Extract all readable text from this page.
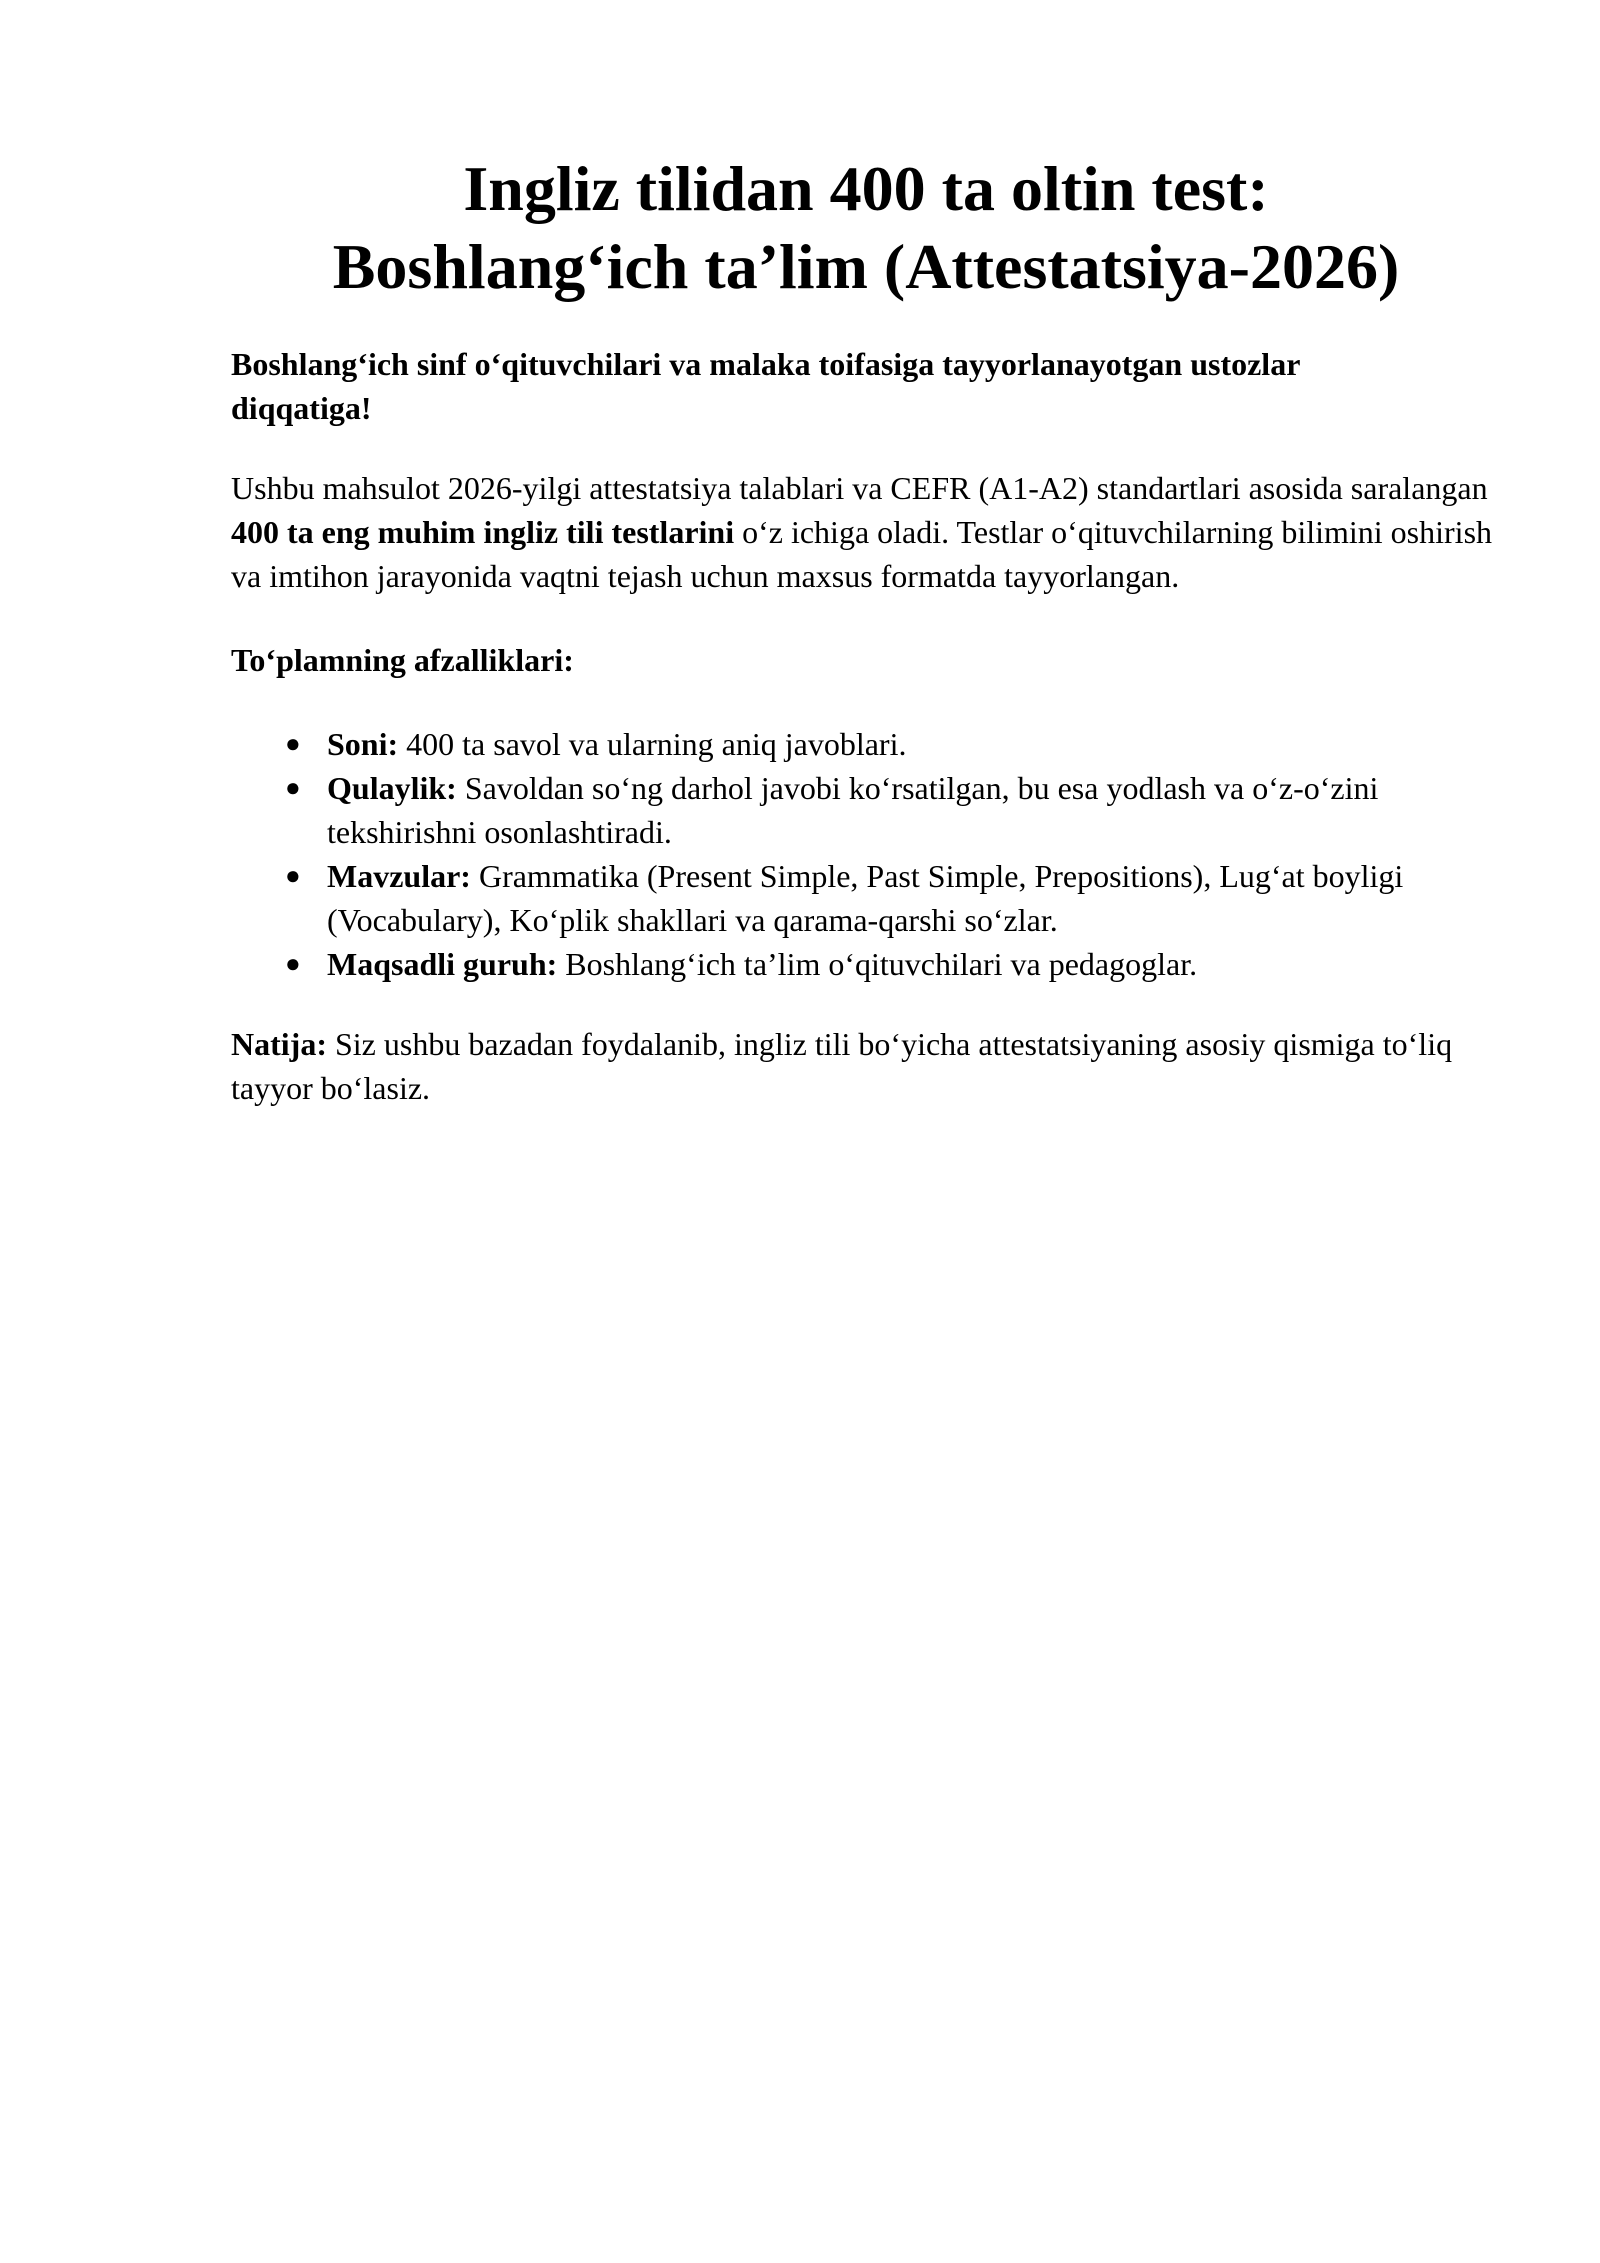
Ingliz tilidan 400 ta oltin test:
Boshlang‘ich ta’lim (Attestatsiya-2026)

Boshlang‘ich sinf o‘qituvchilari va malaka toifasiga tayyorlanayotgan ustozlar diqqatiga!

Ushbu mahsulot 2026-yilgi attestatsiya talablari va CEFR (A1-A2) standartlari asosida saralangan 400 ta eng muhim ingliz tili testlarini o‘z ichiga oladi. Testlar o‘qituvchilarning bilimini oshirish va imtihon jarayonida vaqtni tejash uchun maxsus formatda tayyorlangan.

To‘plamning afzalliklari:

● Soni: 400 ta savol va ularning aniq javoblari.
● Qulaylik: Savoldan so‘ng darhol javobi ko‘rsatilgan, bu esa yodlash va o‘z-o‘zini tekshirishni osonlashtiradi.
● Mavzular: Grammatika (Present Simple, Past Simple, Prepositions), Lug‘at boyligi (Vocabulary), Ko‘plik shakllari va qarama-qarshi so‘zlar.
● Maqsadli guruh: Boshlang‘ich ta’lim o‘qituvchilari va pedagoglar.

Natija: Siz ushbu bazadan foydalanib, ingliz tili bo‘yicha attestatsiyaning asosiy qismiga to‘liq tayyor bo‘lasiz.
